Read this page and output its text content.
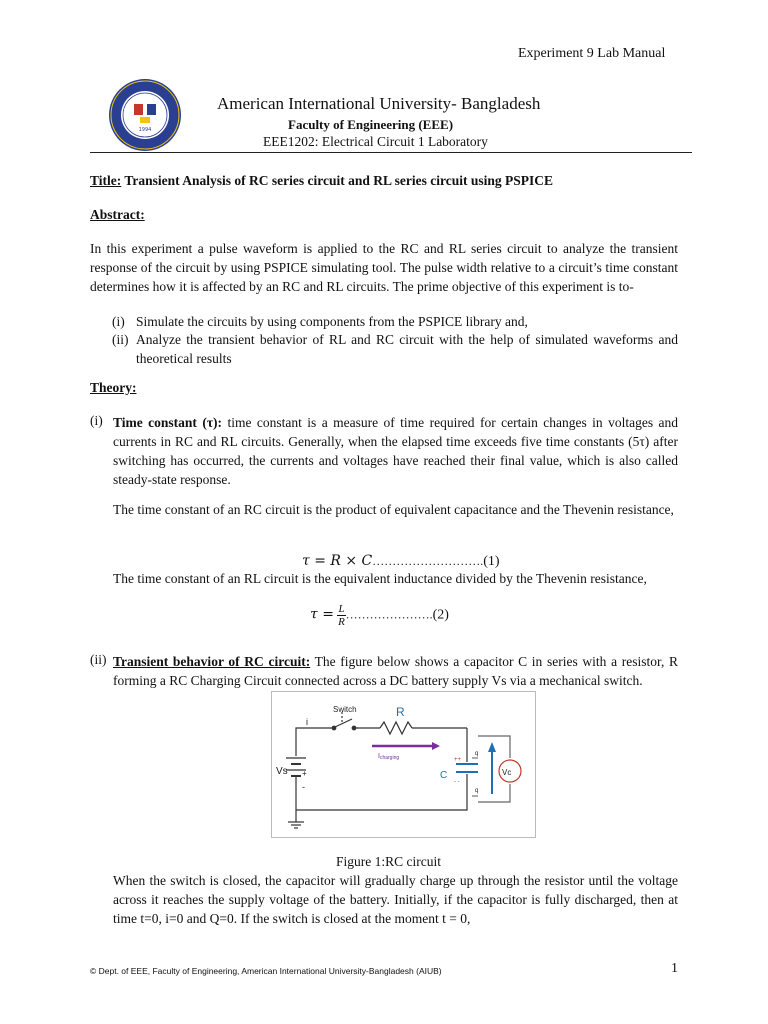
Experiment 9 Lab Manual
1994
American International University- Bangladesh
Faculty of Engineering (EEE)
EEE1202: Electrical Circuit 1 Laboratory
Title: Transient Analysis of RC series circuit and RL series circuit using PSPICE
Abstract:
In this experiment a pulse waveform is applied to the RC and RL series circuit to analyze the transient response of the circuit by using PSPICE simulating tool. The pulse width relative to a circuit’s time constant determines how it is affected by an RC and RL circuits. The prime objective of this experiment is to-
(i) Simulate the circuits by using components from the PSPICE library and,
(ii) Analyze the transient behavior of RL and RC circuit with the help of simulated waveforms and theoretical results
Theory:
(i) Time constant (τ): time constant is a measure of time required for certain changes in voltages and currents in RC and RL circuits. Generally, when the elapsed time exceeds five time constants (5τ) after switching has occurred, the currents and voltages have reached their final value, which is also called steady-state response.
The time constant of an RC circuit is the product of equivalent capacitance and the Thevenin resistance,
τ = R × C……………………….(1)
The time constant of an RL circuit is the equivalent inductance divided by the Thevenin resistance,
$\tau = \frac{L}{R}$ ………………….(2)
(ii) Transient behavior of RC circuit: The figure below shows a capacitor C in series with a resistor, R forming a RC Charging Circuit connected across a DC battery supply Vs via a mechanical switch.
Switch	R
i
Vs +
-
Icharging
C	Vc
q
q
++
- -
Figure 1:RC circuit
When the switch is closed, the capacitor will gradually charge up through the resistor until the voltage across it reaches the supply voltage of the battery. Initially, if the capacitor is fully discharged, then at time t=0, i=0 and Q=0. If the switch is closed at the moment t = 0,
© Dept. of EEE, Faculty of Engineering, American International University-Bangladesh (AIUB)	1
